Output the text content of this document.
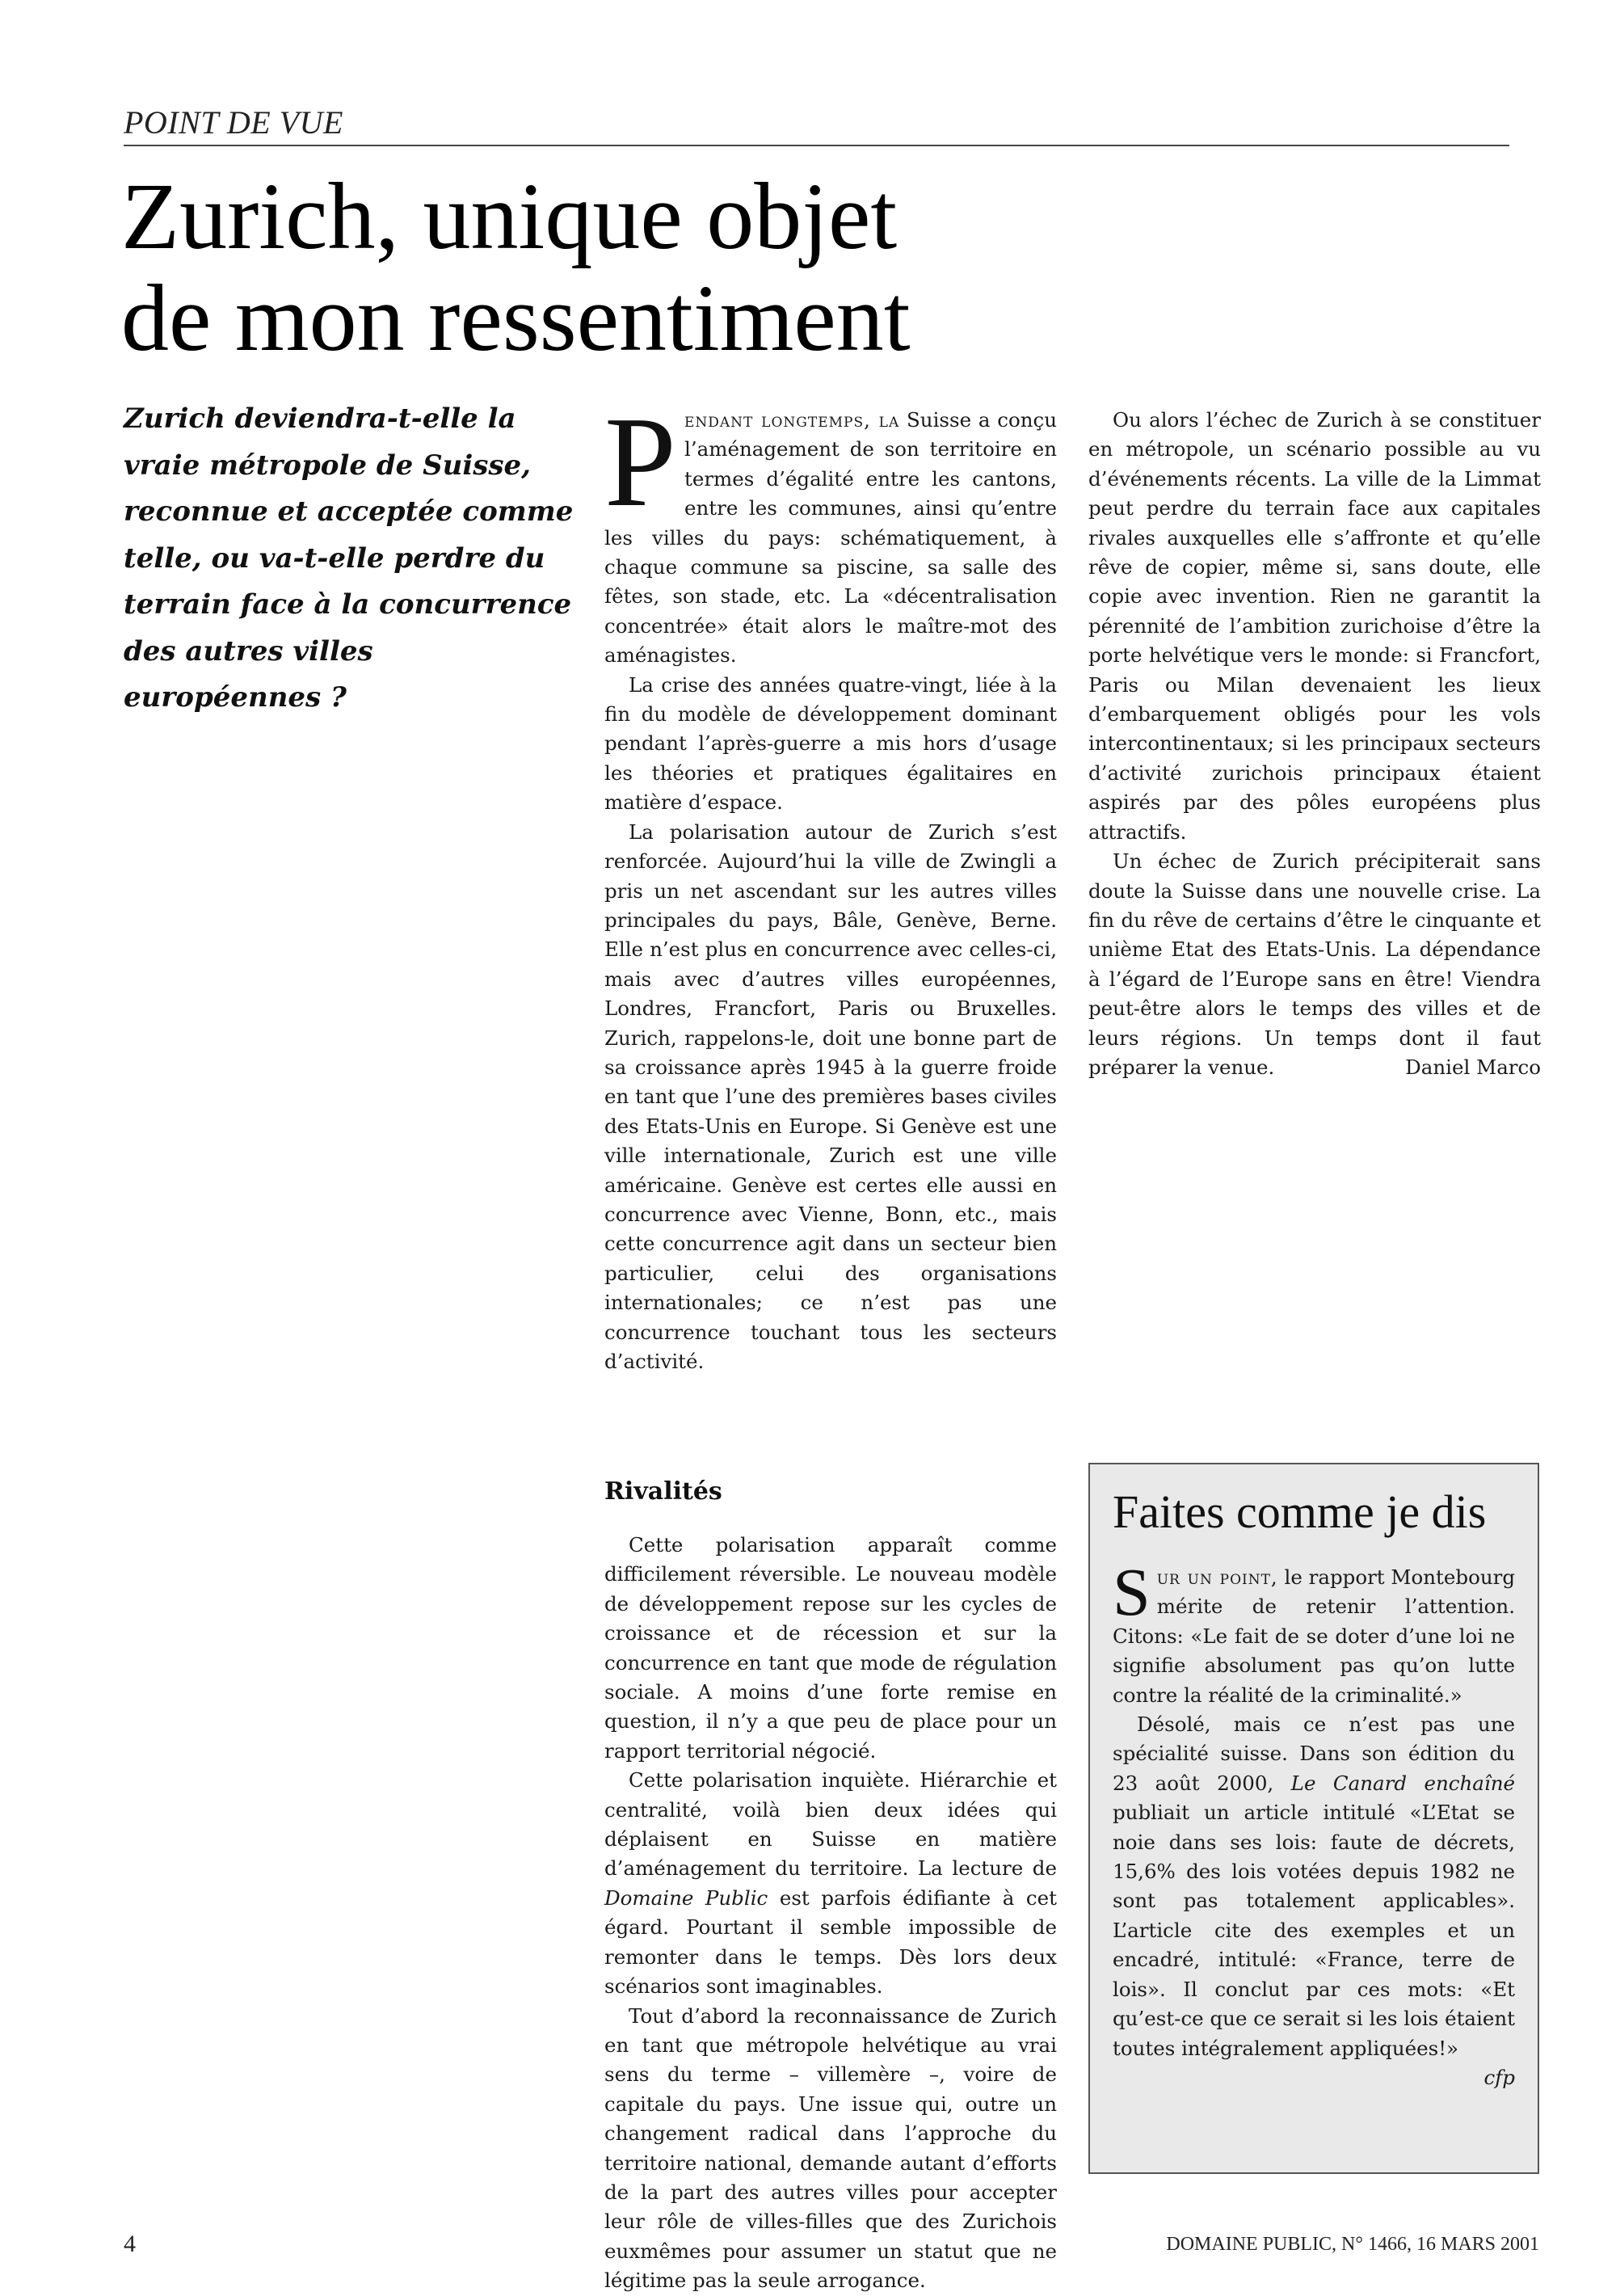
POINT DE VUE
Zurich, unique objet
de mon ressentiment
Zurich deviendra-t-elle la vraie métropole de Suisse, reconnue et acceptée comme telle, ou va-t-elle perdre du terrain face à la concurrence des autres villes européennes ?

Pendant longtemps, la Suisse a conçu l’aménagement de son territoire en termes d’égalité entre les cantons, entre les communes, ainsi qu’entre les villes du pays: schématiquement, à chaque commune sa piscine, sa salle des fêtes, son stade, etc. La «décentralisation concentrée» était alors le maître-mot des aménagistes.

La crise des années quatre-vingt, liée à la fin du modèle de développement dominant pendant l’après-guerre a mis hors d’usage les théories et pratiques égalitaires en matière d’espace.

La polarisation autour de Zurich s’est renforcée. Aujourd’hui la ville de Zwingli a pris un net ascendant sur les autres villes principales du pays, Bâle, Genève, Berne. Elle n’est plus en concurrence avec celles-ci, mais avec d’autres villes européennes, Londres, Francfort, Paris ou Bruxelles. Zurich, rappelons-le, doit une bonne part de sa croissance après 1945 à la guerre froide en tant que l’une des premières bases civiles des Etats-Unis en Europe. Si Genève est une ville internationale, Zurich est une ville américaine. Genève est certes elle aussi en concurrence avec Vienne, Bonn, etc., mais cette concurrence agit dans un secteur bien particulier, celui des organisations internationales; ce n’est pas une concurrence touchant tous les secteurs d’activité.

Rivalités

Cette polarisation apparaît comme difficilement réversible. Le nouveau modèle de développement repose sur les cycles de croissance et de récession et sur la concurrence en tant que mode de régulation sociale. A moins d’une forte remise en question, il n’y a que peu de place pour un rapport territorial négocié.

Cette polarisation inquiète. Hiérarchie et centralité, voilà bien deux idées qui déplaisent en Suisse en matière d’aménagement du territoire. La lecture de Domaine Public est parfois édifiante à cet égard. Pourtant il semble impossible de remonter dans le temps. Dès lors deux scénarios sont imaginables.

Tout d’abord la reconnaissance de Zurich en tant que métropole helvétique au vrai sens du terme – villemère –, voire de capitale du pays. Une issue qui, outre un changement radical dans l’approche du territoire national, demande autant d’efforts de la part des autres villes pour accepter leur rôle de villes-filles que des Zurichois euxmêmes pour assumer un statut que ne légitime pas la seule arrogance.

Ou alors l’échec de Zurich à se constituer en métropole, un scénario possible au vu d’événements récents. La ville de la Limmat peut perdre du terrain face aux capitales rivales auxquelles elle s’affronte et qu’elle rêve de copier, même si, sans doute, elle copie avec invention. Rien ne garantit la pérennité de l’ambition zurichoise d’être la porte helvétique vers le monde: si Francfort, Paris ou Milan devenaient les lieux d’embarquement obligés pour les vols intercontinentaux; si les principaux secteurs d’activité zurichois principaux étaient aspirés par des pôles européens plus attractifs.

Un échec de Zurich précipiterait sans doute la Suisse dans une nouvelle crise. La fin du rêve de certains d’être le cinquante et unième Etat des Etats-Unis. La dépendance à l’égard de l’Europe sans en être! Viendra peut-être alors le temps des villes et de leurs régions. Un temps dont il faut préparer la venue.	Daniel Marco

Faites comme je dis

Sur un point, le rapport Montebourg mérite de retenir l’attention. Citons: «Le fait de se doter d’une loi ne signifie absolument pas qu’on lutte contre la réalité de la criminalité.»

Désolé, mais ce n’est pas une spécialité suisse. Dans son édition du 23 août 2000, Le Canard enchaîné publiait un article intitulé «L’Etat se noie dans ses lois: faute de décrets, 15,6% des lois votées depuis 1982 ne sont pas totalement applicables». L’article cite des exemples et un encadré, intitulé: «France, terre de lois». Il conclut par ces mots: «Et qu’est-ce que ce serait si les lois étaient toutes intégralement appliquées!»

cfp
4	DOMAINE PUBLIC, N° 1466, 16 MARS 2001
